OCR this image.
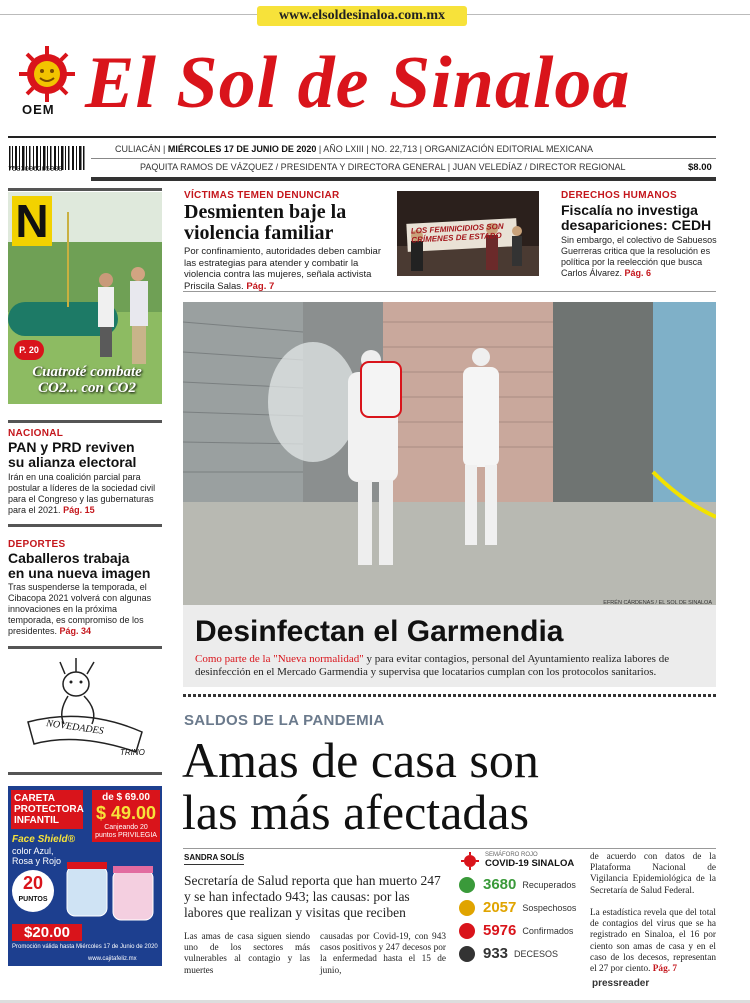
www.elsoldesinaloa.com.mx
OEM El Sol de Sinaloa
7503006205088
CULIACÁN | MIÉRCOLES 17 DE JUNIO DE 2020 | AÑO LXIII | NO. 22,713 | ORGANIZACIÓN EDITORIAL MEXICANA
PAQUITA RAMOS DE VÁZQUEZ / PRESIDENTA Y DIRECTORA GENERAL | JUAN VELEDÍAZ / DIRECTOR REGIONAL	$8.00
VÍCTIMAS TEMEN DENUNCIAR
Desmienten baje la
violencia familiar
Por confinamiento, autoridades deben cambiar las estrategias para atender y combatir la violencia contra las mujeres, señala activista Priscila Salas. Pág. 7
LOS FEMINICIDIOS SON CRÍMENES DE ESTADO
DERECHOS HUMANOS
Fiscalía no investiga
desapariciones: CEDH
Sin embargo, el colectivo de Sabuesos Guerreras critica que la resolución es política por la reelección que busca Carlos Álvarez. Pág. 6
N
P. 20
Cuatroté combate
CO2... con CO2
NACIONAL
PAN y PRD reviven
su alianza electoral
Irán en una coalición parcial para postular a líderes de la sociedad civil para el Congreso y las gubernaturas para el 2021. Pág. 15
DEPORTES
Caballeros trabaja
en una nueva imagen
Tras suspenderse la temporada, el Cibacopa 2021 volverá con algunas innovaciones en la próxima temporada, es compromiso de los presidentes. Pág. 34
NOVEDADES
TRINO
CARETA
PROTECTORA
INFANTIL
Face Shield®
color Azul, Rosa y Rojo
de $ 69.00
$ 49.00
Canjeando 20 puntos PRIVILEGIA
20
PUNTOS
$20.00
Promoción válida hasta Miércoles 17 de Junio de 2020
www.cajitafeliz.mx
EFRÉN CÁRDENAS / EL SOL DE SINALOA
Desinfectan el Garmendia
Como parte de la "Nueva normalidad" y para evitar contagios, personal del Ayuntamiento realiza labores de desinfección en el Mercado Garmendia y supervisa que locatarios cumplan con los protocolos sanitarios.
SALDOS DE LA PANDEMIA
Amas de casa son
las más afectadas
SANDRA SOLÍS
Secretaría de Salud reporta que han muerto 247 y se han infectado 943; las causas: por las labores que realizan y visitas que reciben
Las amas de casa siguen siendo uno de los sectores más vulnerables al contagio y las muertes
causadas por Covid-19, con 943 casos positivos y 247 decesos por la enfermedad hasta el 15 de junio,
SEMÁFORO ROJO
COVID-19 SINALOA
3680 Recuperados
2057 Sospechosos
5976 Confirmados
933 DECESOS
de acuerdo con datos de la Plataforma Nacional de Vigilancia Epidemiológica de la Secretaría de Salud Federal.
La estadística revela que del total de contagios del virus que se ha registrado en Sinaloa, el 16 por ciento son amas de casa y en el caso de los decesos, representan el 27 por ciento. Pág. 7
pressreader
